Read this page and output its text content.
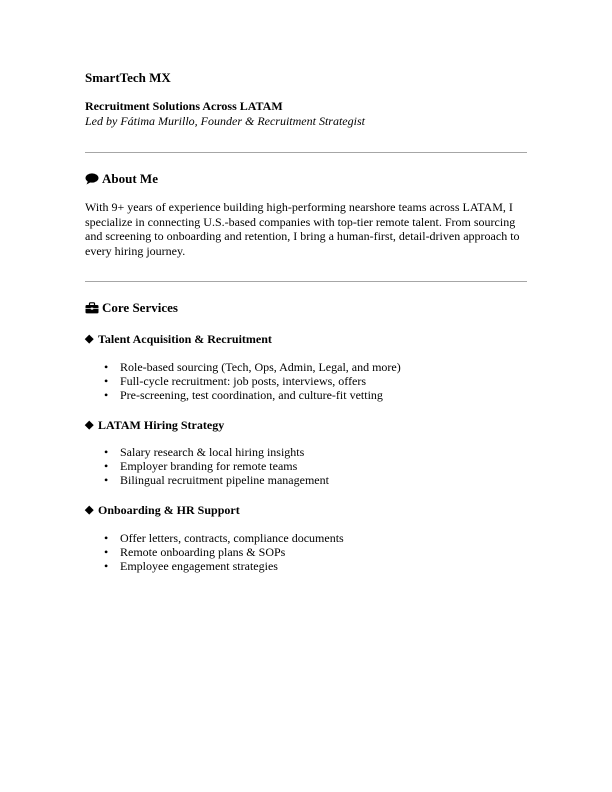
SmartTech MX

Recruitment Solutions Across LATAM

Led by Fátima Murillo, Founder & Recruitment Strategist

About Me

With 9+ years of experience building high-performing nearshore teams across LATAM, I specialize in connecting U.S.-based companies with top-tier remote talent. From sourcing and screening to onboarding and retention, I bring a human-first, detail-driven approach to every hiring journey.

Core Services
◆ Talent Acquisition & Recruitment
• Role-based sourcing (Tech, Ops, Admin, Legal, and more)
• Full-cycle recruitment: job posts, interviews, offers
• Pre-screening, test coordination, and culture-fit vetting
◆ LATAM Hiring Strategy
• Salary research & local hiring insights
• Employer branding for remote teams
• Bilingual recruitment pipeline management
◆ Onboarding & HR Support
• Offer letters, contracts, compliance documents
• Remote onboarding plans & SOPs
• Employee engagement strategies
